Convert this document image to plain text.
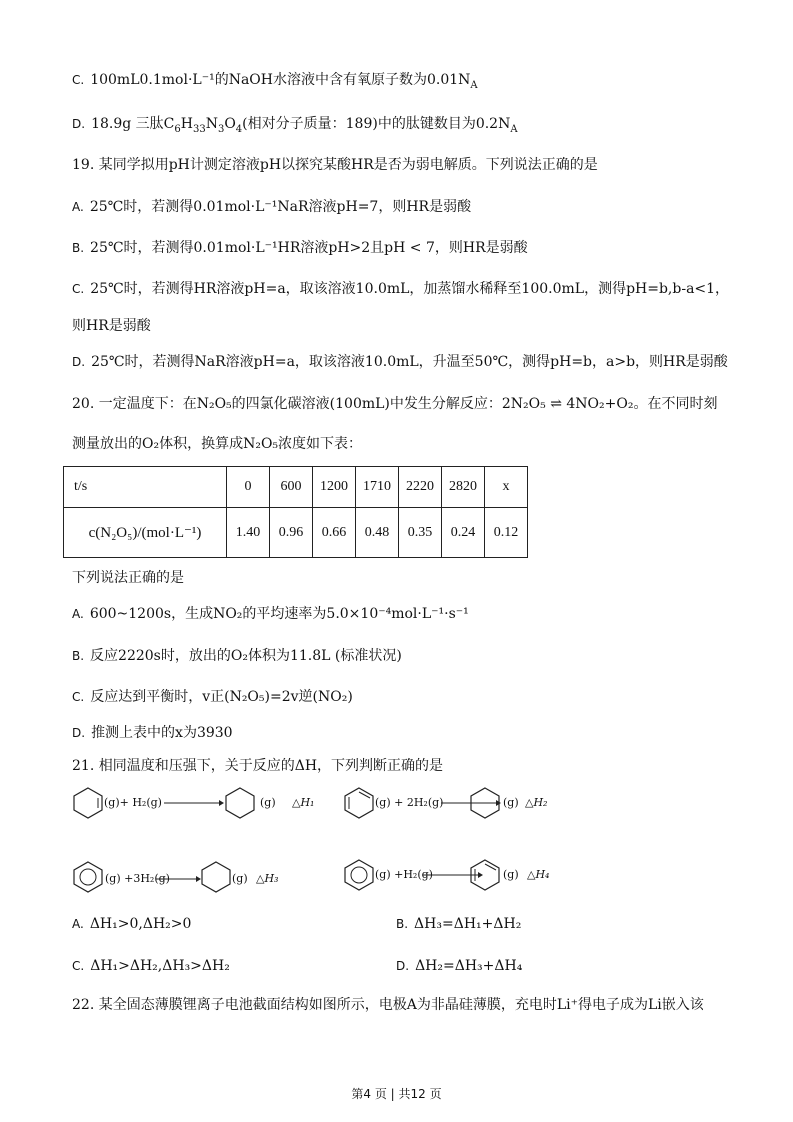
C. 100mL0.1mol·L⁻¹的NaOH水溶液中含有氧原子数为$0.01N_A$
D. 18.9g 三肽$C_6H_{33}N_3O_4$(相对分子质量：189)中的肽键数目为$0.2N_A$
19. 某同学拟用pH计测定溶液pH以探究某酸HR是否为弱电解质。下列说法正确的是
A. 25℃时，若测得0.01mol·L⁻¹NaR溶液pH=7，则HR是弱酸
B. 25℃时，若测得0.01mol·L⁻¹HR溶液pH>2且pH < 7，则HR是弱酸
C. 25℃时，若测得HR溶液pH=a，取该溶液10.0mL，加蒸馏水稀释至100.0mL，测得pH=b,b-a<1，
则HR是弱酸
D. 25℃时，若测得NaR溶液pH=a，取该溶液10.0mL，升温至50℃，测得pH=b，a>b，则HR是弱酸
20. 一定温度下：在N₂O₅的四氯化碳溶液(100mL)中发生分解反应：2N₂O₅ ⇌ 4NO₂+O₂。在不同时刻
测量放出的O₂体积，换算成N₂O₅浓度如下表：
t/s	0	600	1200	1710	2220	2820	x
c(N₂O₅)/(mol·L⁻¹)	1.40	0.96	0.66	0.48	0.35	0.24	0.12
下列说法正确的是
A. 600~1200s，生成NO₂的平均速率为5.0×10⁻⁴mol·L⁻¹·s⁻¹
B. 反应2220s时，放出的O₂体积为11.8L (标准状况)
C. 反应达到平衡时，v正(N₂O₅)=2v逆(NO₂)
D. 推测上表中的x为3930
21. 相同温度和压强下，关于反应的ΔH，下列判断正确的是
(g)+ H₂(g)	(g) △H₁	(g) + 2H₂(g)	(g) △H₂
(g) +3H₂(g)	(g) △H₃	(g) +H₂(g)	(g) △H₄
A. ΔH₁>0,ΔH₂>0	B. ΔH₃=ΔH₁+ΔH₂
C. ΔH₁>ΔH₂,ΔH₃>ΔH₂	D. ΔH₂=ΔH₃+ΔH₄
22. 某全固态薄膜锂离子电池截面结构如图所示，电极A为非晶硅薄膜，充电时Li⁺得电子成为Li嵌入该
第4 页 | 共12 页
